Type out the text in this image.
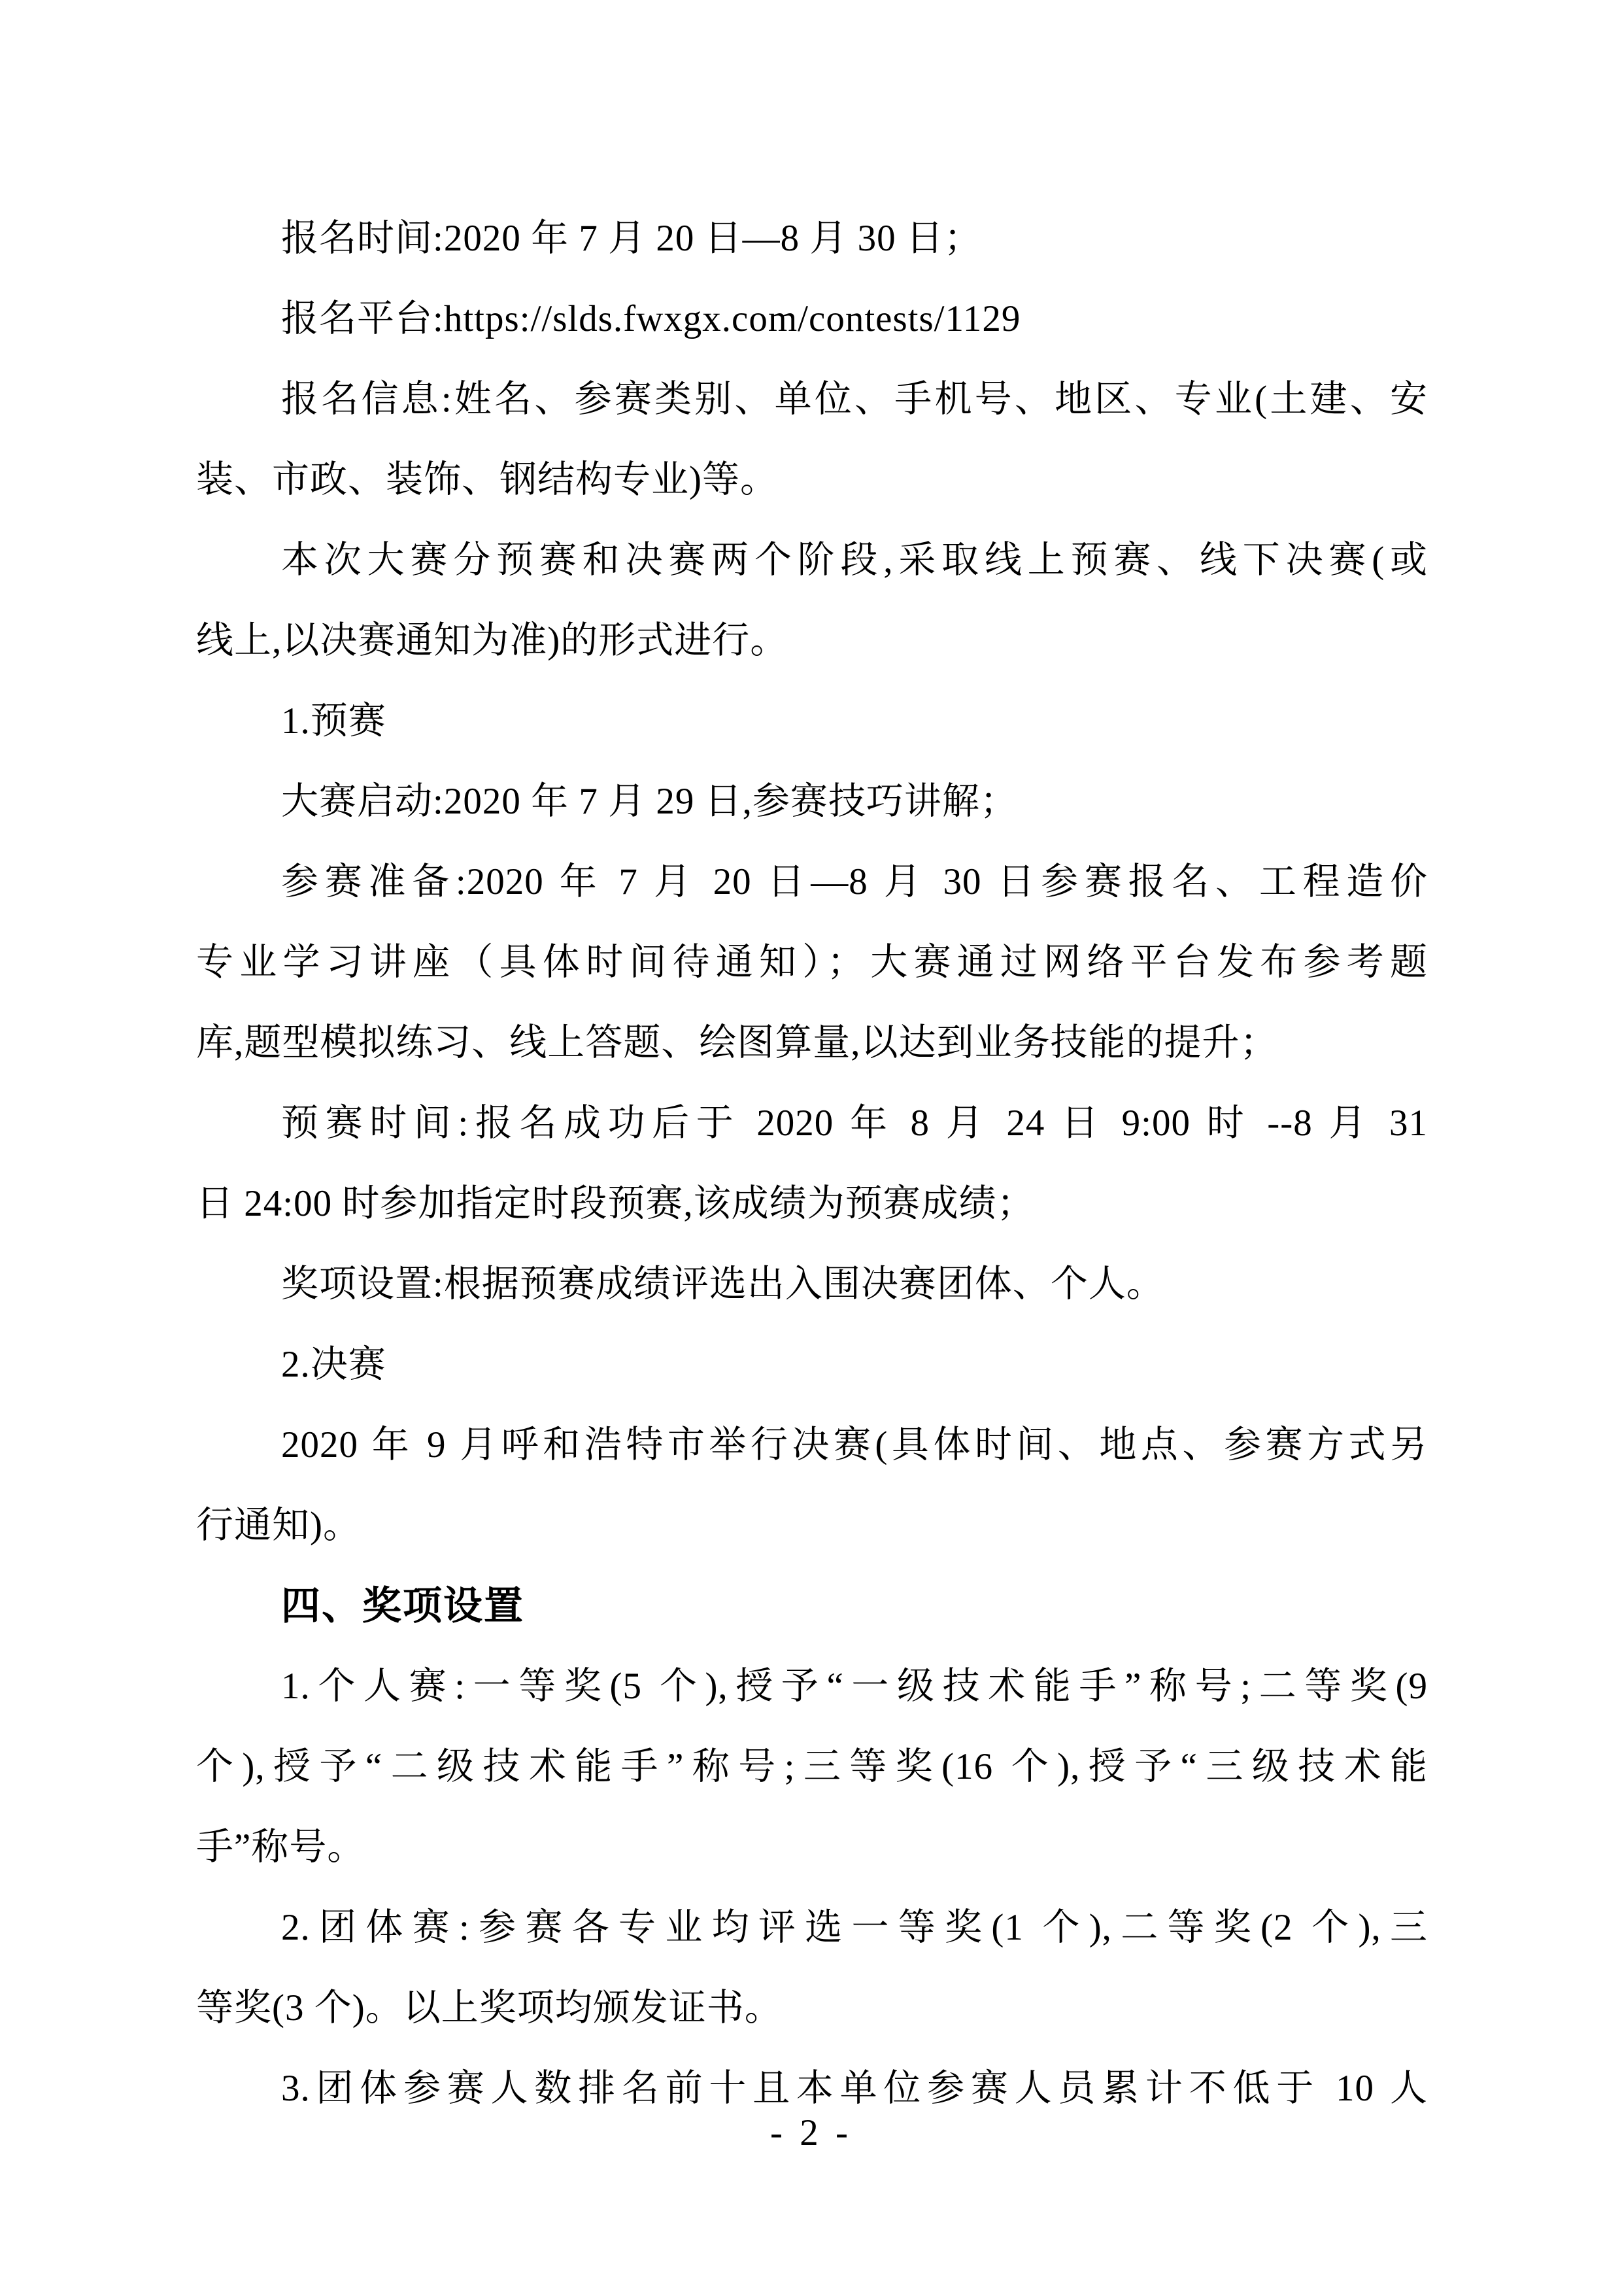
报名时间:2020 年 7 月 20 日—8 月 30 日；
报名平台:https://slds.fwxgx.com/contests/1129
报名信息:姓名、参赛类别、单位、手机号、地区、专业(土建、安
装、市政、装饰、钢结构专业)等。
本次大赛分预赛和决赛两个阶段,采取线上预赛、线下决赛(或
线上,以决赛通知为准)的形式进行。
1.预赛
大赛启动:2020 年 7 月 29 日,参赛技巧讲解；
参赛准备:2020 年 7 月 20 日—8 月 30 日参赛报名、工程造价
专业学习讲座（具体时间待通知）；大赛通过网络平台发布参考题
库,题型模拟练习、线上答题、绘图算量,以达到业务技能的提升；
预赛时间:报名成功后于 2020 年 8 月 24 日 9:00 时 --8 月 31
日 24:00 时参加指定时段预赛,该成绩为预赛成绩；
奖项设置:根据预赛成绩评选出入围决赛团体、个人。
2.决赛
2020 年 9 月呼和浩特市举行决赛(具体时间、地点、参赛方式另
行通知)。
四、奖项设置
1.个人赛:一等奖(5 个),授予“一级技术能手”称号;二等奖(9
个),授予“二级技术能手”称号;三等奖(16 个),授予“三级技术能
手”称号。
2.团体赛:参赛各专业均评选一等奖(1 个),二等奖(2 个),三
等奖(3 个)。以上奖项均颁发证书。
3.团体参赛人数排名前十且本单位参赛人员累计不低于 10 人
- 2 -
